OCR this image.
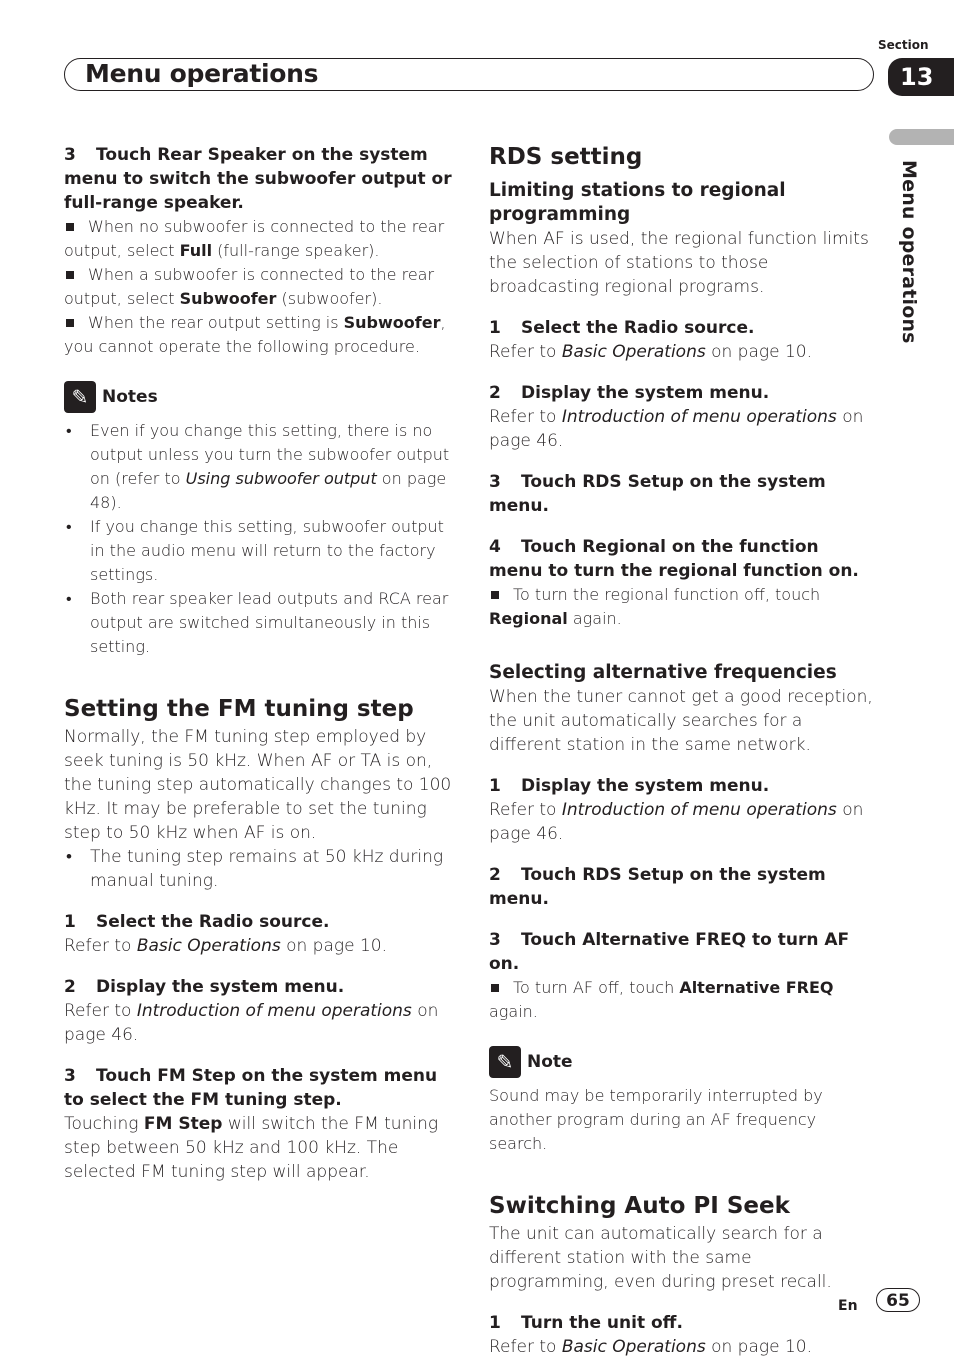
Section
Menu operations	13
Menu operations
3 Touch Rear Speaker on the system menu to switch the subwoofer output or full-range speaker.
When no subwoofer is connected to the rear output, select Full (full-range speaker).
When a subwoofer is connected to the rear output, select Subwoofer (subwoofer).
When the rear output setting is Subwoofer, you cannot operate the following procedure.
✎ Notes
• Even if you change this setting, there is no output unless you turn the subwoofer output on (refer to Using subwoofer output on page 48).
• If you change this setting, subwoofer output in the audio menu will return to the factory settings.
• Both rear speaker lead outputs and RCA rear output are switched simultaneously in this setting.
Setting the FM tuning step
Normally, the FM tuning step employed by seek tuning is 50 kHz. When AF or TA is on, the tuning step automatically changes to 100 kHz. It may be preferable to set the tuning step to 50 kHz when AF is on.
• The tuning step remains at 50 kHz during manual tuning.
1 Select the Radio source.
Refer to Basic Operations on page 10.
2 Display the system menu.
Refer to Introduction of menu operations on page 46.
3 Touch FM Step on the system menu to select the FM tuning step.
Touching FM Step will switch the FM tuning step between 50 kHz and 100 kHz. The selected FM tuning step will appear.
RDS setting
Limiting stations to regional programming
When AF is used, the regional function limits the selection of stations to those broadcasting regional programs.
1 Select the Radio source.
Refer to Basic Operations on page 10.
2 Display the system menu.
Refer to Introduction of menu operations on page 46.
3 Touch RDS Setup on the system menu.
4 Touch Regional on the function menu to turn the regional function on.
To turn the regional function off, touch Regional again.
Selecting alternative frequencies
When the tuner cannot get a good reception, the unit automatically searches for a different station in the same network.
1 Display the system menu.
Refer to Introduction of menu operations on page 46.
2 Touch RDS Setup on the system menu.
3 Touch Alternative FREQ to turn AF on.
To turn AF off, touch Alternative FREQ again.
✎ Note
Sound may be temporarily interrupted by another program during an AF frequency search.
Switching Auto PI Seek
The unit can automatically search for a different station with the same programming, even during preset recall.
1 Turn the unit off.
Refer to Basic Operations on page 10.
En	65
